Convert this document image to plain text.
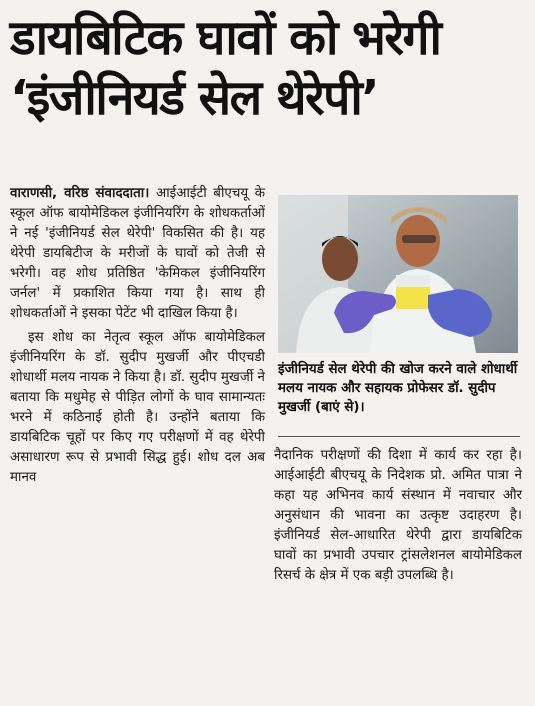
डायबिटिक घावों को भरेगी
‘इंजीनियर्ड सेल थेरेपी’

वाराणसी, वरिष्ठ संवाददाता। आईआईटी बीएचयू के स्कूल ऑफ बायोमेडिकल इंजीनियरिंग के शोधकर्ताओं ने नई 'इंजीनियर्ड सेल थेरेपी' विकसित की है। यह थेरेपी डायबिटीज के मरीजों के घावों को तेजी से भरेगी। वह शोध प्रतिष्ठित 'केमिकल इंजीनियरिंग जर्नल' में प्रकाशित किया गया है। साथ ही शोधकर्ताओं ने इसका पेटेंट भी दाखिल किया है।

इस शोध का नेतृत्व स्कूल ऑफ बायोमेडिकल इंजीनियरिंग के डॉ. सुदीप मुखर्जी और पीएचडी शोधार्थी मलय नायक ने किया है। डॉ. सुदीप मुखर्जी ने बताया कि मधुमेह से पीड़ित लोगों के घाव सामान्यतः भरने में कठिनाई होती है। उन्होंने बताया कि डायबिटिक चूहों पर किए गए परीक्षणों में वह थेरेपी असाधारण रूप से प्रभावी सिद्ध हुई। शोध दल अब मानव

इंजीनियर्ड सेल थेरेपी की खोज करने वाले शोधार्थी मलय नायक और सहायक प्रोफेसर डॉ. सुदीप मुखर्जी (बाएं से)।

नैदानिक परीक्षणों की दिशा में कार्य कर रहा है। आईआईटी बीएचयू के निदेशक प्रो. अमित पात्रा ने कहा यह अभिनव कार्य संस्थान में नवाचार और अनुसंधान की भावना का उत्कृष्ट उदाहरण है। इंजीनियर्ड सेल-आधारित थेरेपी द्वारा डायबिटिक घावों का प्रभावी उपचार ट्रांसलेशनल बायोमेडिकल रिसर्च के क्षेत्र में एक बड़ी उपलब्धि है।
